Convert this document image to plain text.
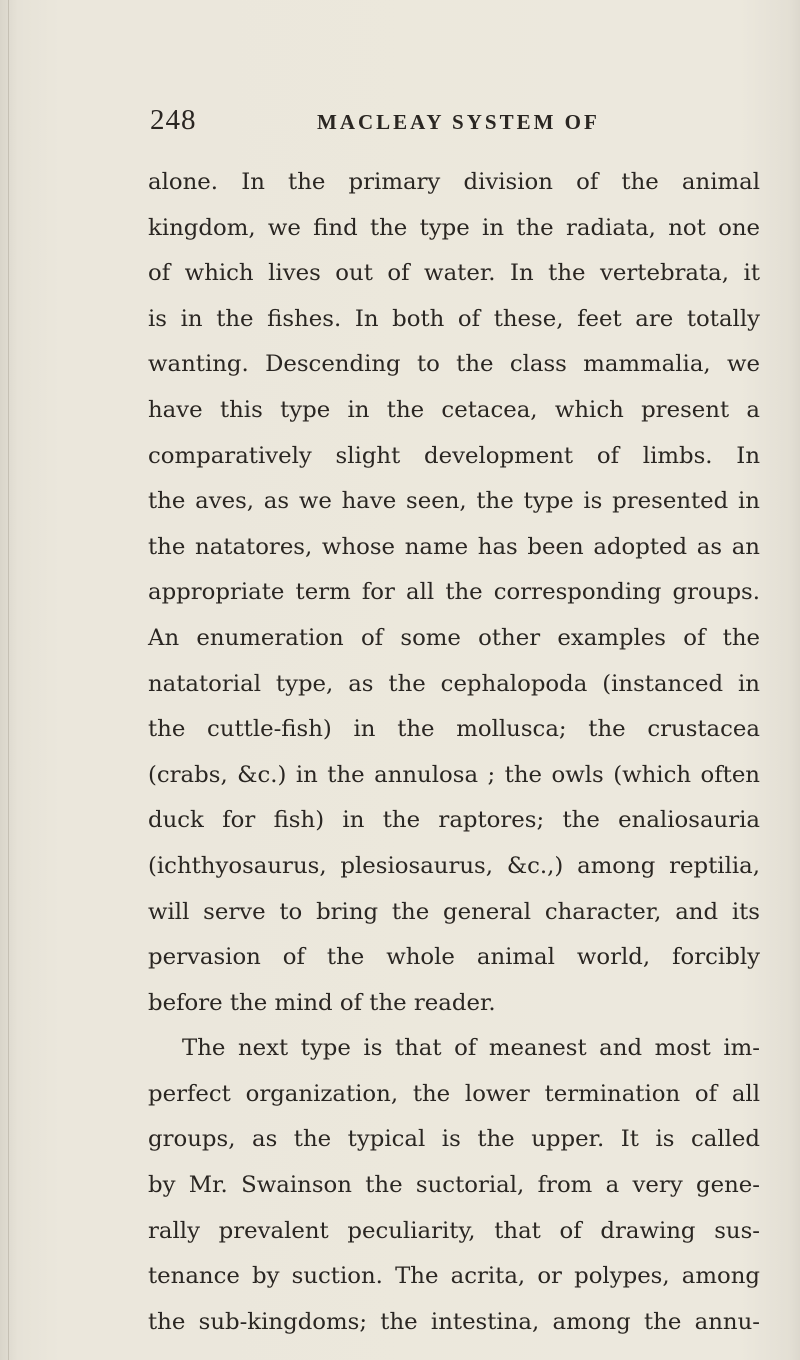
248	MACLEAY SYSTEM OF
alone. In the primary division of the animal
kingdom, we find the type in the radiata, not one
of which lives out of water. In the vertebrata, it
is in the fishes. In both of these, feet are totally
wanting. Descending to the class mammalia, we
have this type in the cetacea, which present a
comparatively slight development of limbs. In
the aves, as we have seen, the type is presented in
the natatores, whose name has been adopted as an
appropriate term for all the corresponding groups.
An enumeration of some other examples of the
natatorial type, as the cephalopoda (instanced in
the cuttle-fish) in the mollusca; the crustacea
(crabs, &c.) in the annulosa ; the owls (which often
duck for fish) in the raptores; the enaliosauria
(ichthyosaurus, plesiosaurus, &c.,) among reptilia,
will serve to bring the general character, and its
pervasion of the whole animal world, forcibly
before the mind of the reader.
The next type is that of meanest and most im-
perfect organization, the lower termination of all
groups, as the typical is the upper. It is called
by Mr. Swainson the suctorial, from a very gene-
rally prevalent peculiarity, that of drawing sus-
tenance by suction. The acrita, or polypes, among
the sub-kingdoms; the intestina, among the annu-
